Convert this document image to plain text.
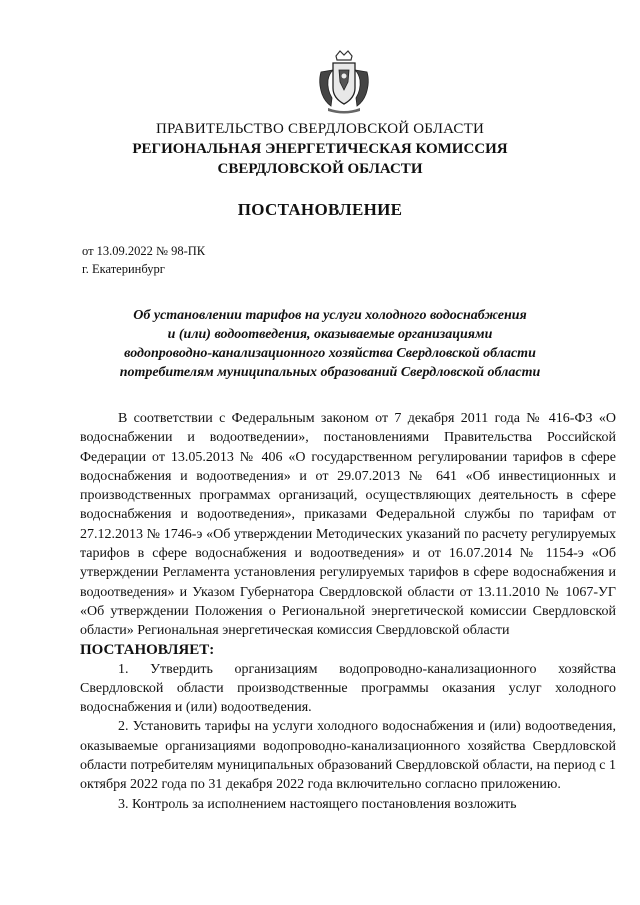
ПРАВИТЕЛЬСТВО СВЕРДЛОВСКОЙ ОБЛАСТИ
РЕГИОНАЛЬНАЯ ЭНЕРГЕТИЧЕСКАЯ КОМИССИЯ
СВЕРДЛОВСКОЙ ОБЛАСТИ
ПОСТАНОВЛЕНИЕ
от 13.09.2022 № 98-ПК
г. Екатеринбург
Об установлении тарифов на услуги холодного водоснабжения
и (или) водоотведения, оказываемые организациями
водопроводно-канализационного хозяйства Свердловской области
потребителям муниципальных образований Свердловской области

В соответствии с Федеральным законом от 7 декабря 2011 года № 416-ФЗ «О водоснабжении и водоотведении», постановлениями Правительства Российской Федерации от 13.05.2013 № 406 «О государственном регулировании тарифов в сфере водоснабжения и водоотведения» и от 29.07.2013 № 641 «Об инвестиционных и производственных программах организаций, осуществляющих деятельность в сфере водоснабжения и водоотведения», приказами Федеральной службы по тарифам от 27.12.2013 № 1746-э «Об утверждении Методических указаний по расчету регулируемых тарифов в сфере водоснабжения и водоотведения» и от 16.07.2014 № 1154-э «Об утверждении Регламента установления регулируемых тарифов в сфере водоснабжения и водоотведения» и Указом Губернатора Свердловской области от 13.11.2010 № 1067-УГ «Об утверждении Положения о Региональной энергетической комиссии Свердловской области» Региональная энергетическая комиссия Свердловской области

ПОСТАНОВЛЯЕТ:

1. Утвердить организациям водопроводно-канализационного хозяйства Свердловской области производственные программы оказания услуг холодного водоснабжения и (или) водоотведения.

2. Установить тарифы на услуги холодного водоснабжения и (или) водоотведения, оказываемые организациями водопроводно-канализационного хозяйства Свердловской области потребителям муниципальных образований Свердловской области, на период с 1 октября 2022 года по 31 декабря 2022 года включительно согласно приложению.

3. Контроль за исполнением настоящего постановления возложить
